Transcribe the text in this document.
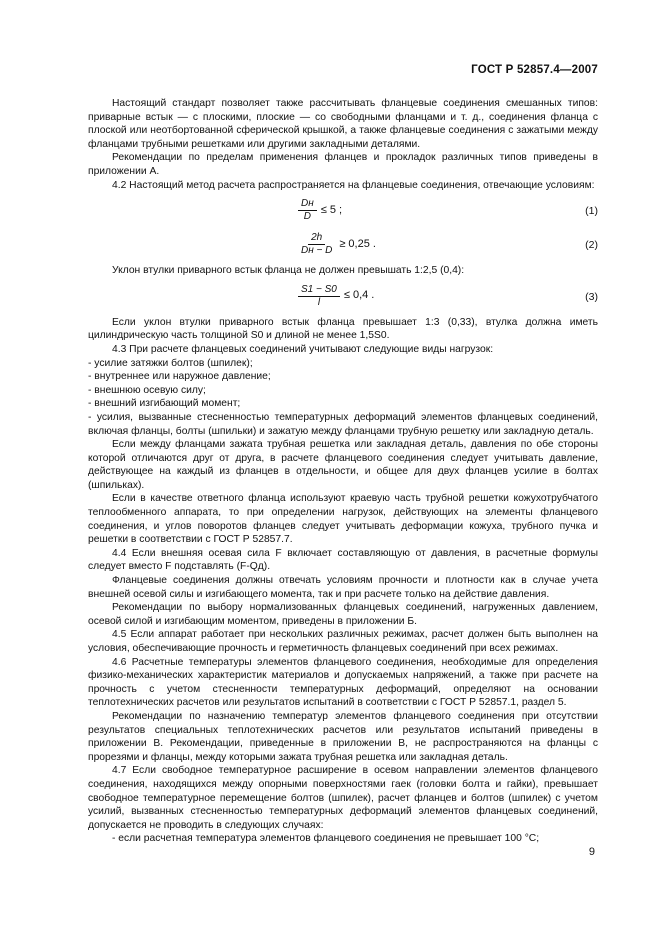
ГОСТ Р 52857.4—2007

Настоящий стандарт позволяет также рассчитывать фланцевые соединения смешанных типов: приварные встык — с плоскими, плоские — со свободными фланцами и т. д., соединения фланца с плоской или неотбортованной сферической крышкой, а также фланцевые соединения с зажатыми между фланцами трубными решетками или другими закладными деталями.

Рекомендации по пределам применения фланцев и прокладок различных типов приведены в приложении А.

4.2 Настоящий метод расчета распространяется на фланцевые соединения, отвечающие условиям:

$\frac{Dн}{D} \le 5$ ;	(1)
$\frac{2h}{Dн - D} \ge 0,25$ .	(2)

Уклон втулки приварного встык фланца не должен превышать 1:2,5 (0,4):

$\frac{S1 - S0}{l} \le 0,4$ .	(3)

Если уклон втулки приварного встык фланца превышает 1:3 (0,33), втулка должна иметь цилиндрическую часть толщиной S0 и длиной не менее 1,5S0.

4.3 При расчете фланцевых соединений учитывают следующие виды нагрузок:

- усилие затяжки болтов (шпилек);

- внутреннее или наружное давление;

- внешнюю осевую силу;

- внешний изгибающий момент;

- усилия, вызванные стесненностью температурных деформаций элементов фланцевых соединений, включая фланцы, болты (шпильки) и зажатую между фланцами трубную решетку или закладную деталь.

Если между фланцами зажата трубная решетка или закладная деталь, давления по обе стороны которой отличаются друг от друга, в расчете фланцевого соединения следует учитывать давление, действующее на каждый из фланцев в отдельности, и общее для двух фланцев усилие в болтах (шпильках).

Если в качестве ответного фланца используют краевую часть трубной решетки кожухотрубчатого теплообменного аппарата, то при определении нагрузок, действующих на элементы фланцевого соединения, и углов поворотов фланцев следует учитывать деформации кожуха, трубного пучка и решетки в соответствии с ГОСТ Р 52857.7.

4.4 Если внешняя осевая сила F включает составляющую от давления, в расчетные формулы следует вместо F подставлять (F-Qд).

Фланцевые соединения должны отвечать условиям прочности и плотности как в случае учета внешней осевой силы и изгибающего момента, так и при расчете только на действие давления.

Рекомендации по выбору нормализованных фланцевых соединений, нагруженных давлением, осевой силой и изгибающим моментом, приведены в приложении Б.

4.5 Если аппарат работает при нескольких различных режимах, расчет должен быть выполнен на условия, обеспечивающие прочность и герметичность фланцевых соединений при всех режимах.

4.6 Расчетные температуры элементов фланцевого соединения, необходимые для определения физико-механических характеристик материалов и допускаемых напряжений, а также при расчете на прочность с учетом стесненности температурных деформаций, определяют на основании теплотехнических расчетов или результатов испытаний в соответствии с ГОСТ Р 52857.1, раздел 5.

Рекомендации по назначению температур элементов фланцевого соединения при отсутствии результатов специальных теплотехнических расчетов или результатов испытаний приведены в приложении В. Рекомендации, приведенные в приложении В, не распространяются на фланцы с прорезями и фланцы, между которыми зажата трубная решетка или закладная деталь.

4.7 Если свободное температурное расширение в осевом направлении элементов фланцевого соединения, находящихся между опорными поверхностями гаек (головки болта и гайки), превышает свободное температурное перемещение болтов (шпилек), расчет фланцев и болтов (шпилек) с учетом усилий, вызванных стесненностью температурных деформаций элементов фланцевых соединений, допускается не проводить в следующих случаях:

- если расчетная температура элементов фланцевого соединения не превышает 100 °С;

9
